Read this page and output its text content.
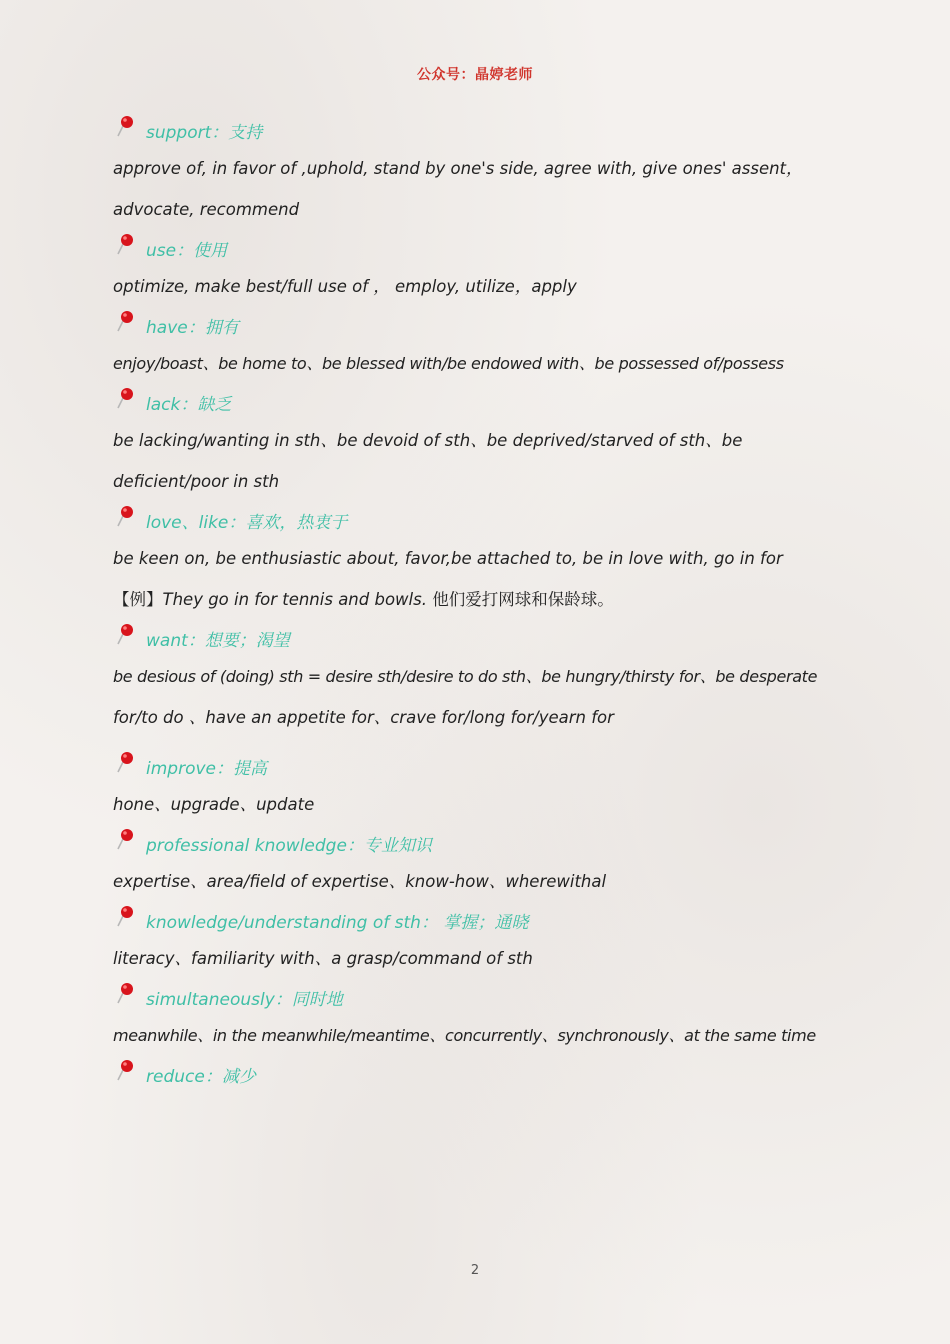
公众号：晶婷老师
support：支持
approve of, in favor of ,uphold, stand by one's side, agree with, give ones' assent，
advocate, recommend
use：使用
optimize, make best/full use of ， employ, utilize，apply
have：拥有
enjoy/boast、be home to、be blessed with/be endowed with、be possessed of/possess
lack：缺乏
be lacking/wanting in sth、be devoid of sth、be deprived/starved of sth、be
deficient/poor in sth
love、like：喜欢，热衷于
be keen on, be enthusiastic about, favor,be attached to, be in love with, go in for
【例】They go in for tennis and bowls. 他们爱打网球和保龄球。
want：想要；渴望
be desious of (doing) sth = desire sth/desire to do sth、be hungry/thirsty for、be desperate
for/to do 、have an appetite for、crave for/long for/yearn for
improve：提高
hone、upgrade、update
professional knowledge：专业知识
expertise、area/field of expertise、know-how、wherewithal
knowledge/understanding of sth： 掌握；通晓
literacy、familiarity with、a grasp/command of sth
simultaneously：同时地
meanwhile、in the meanwhile/meantime、concurrently、synchronously、at the same time
reduce：减少
2
